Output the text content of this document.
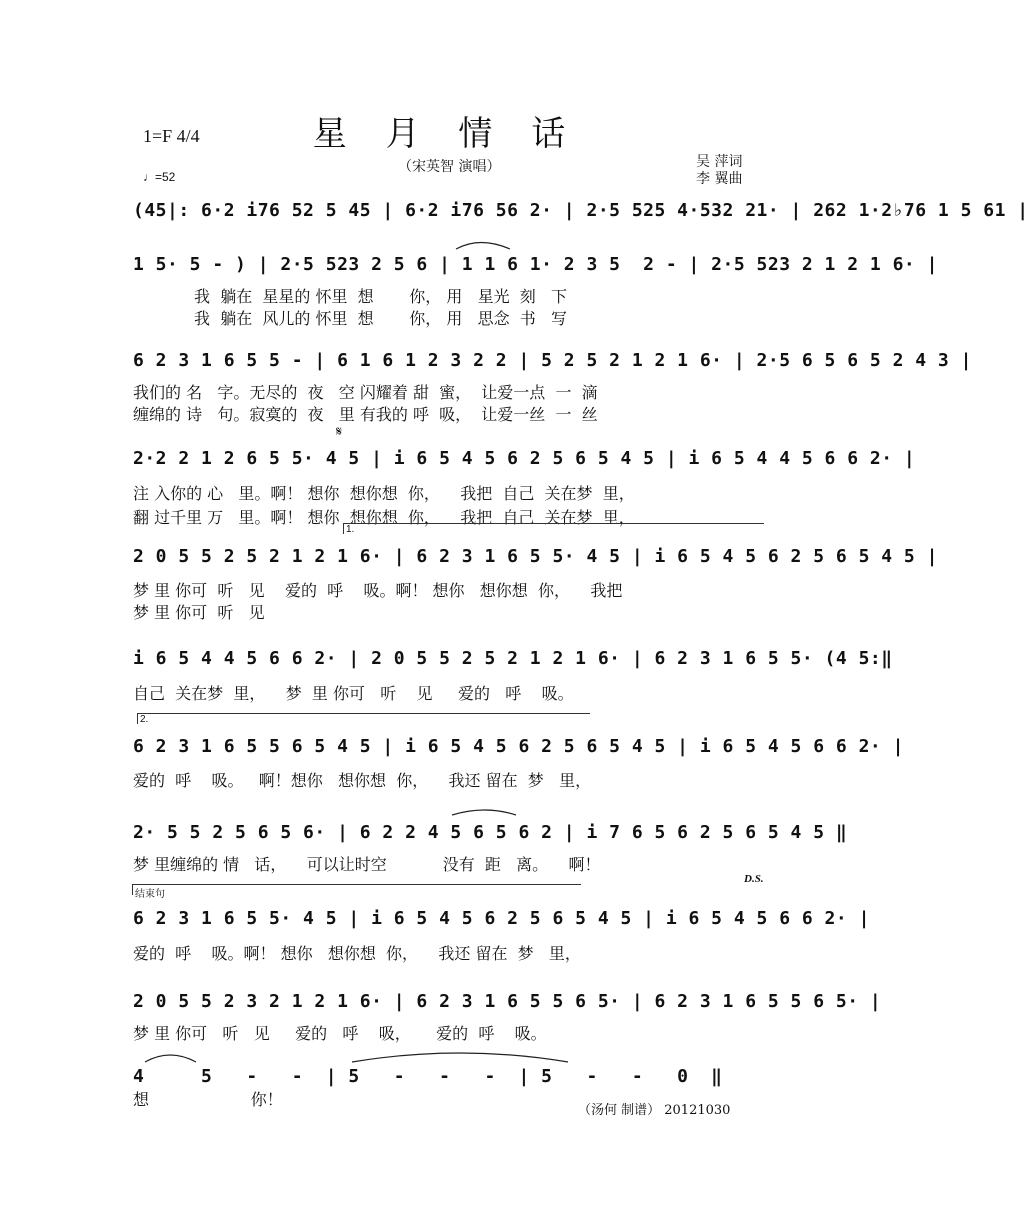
星 月 情 话
1=F 4/4
♩=52
（宋英智 演唱）	吴 萍词
李 翼曲
(45|: 6·2 i76 52 5 45 | 6·2 i76 56 2· | 2·5 525 4·532 21· | 262 1·2♭76 1 5 61 |
1 5· 5 - ) | 2·5 523 2 5 6 | 1 1 6 1· 2 3 5  2 - | 2·5 523 2 1 2 1 6· |
我  躺在  星星的 怀里  想       你， 用   星光  刻   下
我  躺在  风儿的 怀里  想       你， 用   思念  书   写
6 2 3 1 6 5 5 - | 6 1 6 1 2 3 2 2 | 5 2 5 2 1 2 1 6· | 2·5 6 5 6 5 2 4 3 |
我们的 名   字。无尽的  夜   空 闪耀着 甜  蜜，  让爱一点  一  滴
缠绵的 诗   句。寂寞的  夜   里 有我的 呼  吸，  让爱一丝  一  丝
𝄋
2·2 2 1 2 6 5 5· 4 5 | i 6 5 4 5 6 2 5 6 5 4 5 | i 6 5 4 4 5 6 6 2· |
注 入你的 心   里。啊！ 想你  想你想  你，    我把  自己  关在梦  里，
翻 过千里 万   里。啊！ 想你  想你想  你，    我把  自己  关在梦  里，
1.
2 0 5 5 2 5 2 1 2 1 6· | 6 2 3 1 6 5 5· 4 5 | i 6 5 4 5 6 2 5 6 5 4 5 |
梦 里 你可  听   见    爱的  呼    吸。啊！ 想你   想你想  你，    我把
梦 里 你可  听   见
i 6 5 4 4 5 6 6 2· | 2 0 5 5 2 5 2 1 2 1 6· | 6 2 3 1 6 5 5· (4 5:‖
自己  关在梦  里，    梦  里 你可   听    见     爱的   呼    吸。
2.
6 2 3 1 6 5 5 6 5 4 5 | i 6 5 4 5 6 2 5 6 5 4 5 | i 6 5 4 5 6 6 2· |
爱的  呼    吸。   啊！想你   想你想  你，    我还 留在  梦   里，
2· 5 5 2 5 6 5 6· | 6 2 2 4 5 6 5 6 2 | i 7 6 5 6 2 5 6 5 4 5 ‖
梦 里缠绵的 情   话，    可以让时空           没有  距   离。    啊！
D.S.
结束句
6 2 3 1 6 5 5· 4 5 | i 6 5 4 5 6 2 5 6 5 4 5 | i 6 5 4 5 6 6 2· |
爱的  呼    吸。啊！ 想你   想你想  你，    我还 留在  梦   里，
2 0 5 5 2 3 2 1 2 1 6· | 6 2 3 1 6 5 5 6 5· | 6 2 3 1 6 5 5 6 5· |
梦 里 你可   听   见     爱的   呼    吸，     爱的  呼    吸。
4     5   -   -  | 5   -   -   -  | 5   -   -   0  ‖
想                    你！
（汤何 制谱） 20121030
